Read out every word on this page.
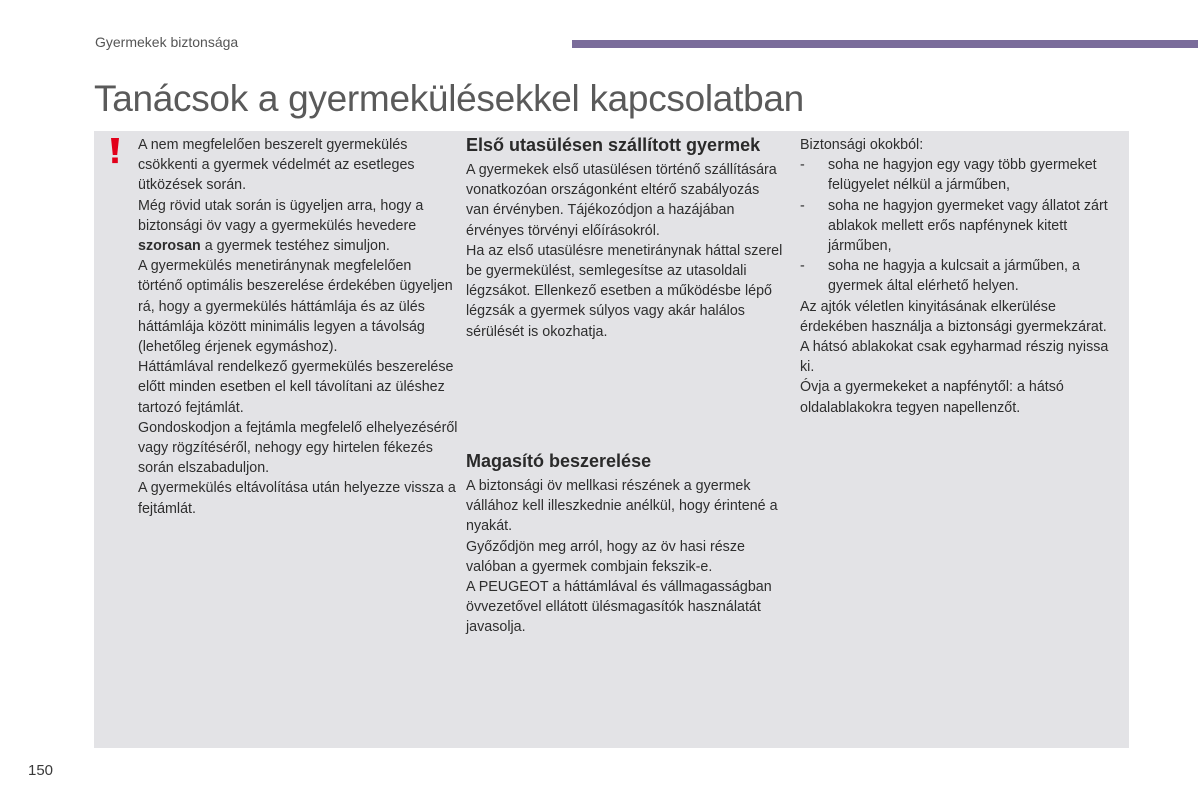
Gyermekek biztonsága
Tanácsok a gyermekülésekkel kapcsolatban

A nem megfelelően beszerelt gyermekülés csökkenti a gyermek védelmét az esetleges ütközések során.

Még rövid utak során is ügyeljen arra, hogy a biztonsági öv vagy a gyermekülés hevedere
szorosan a gyermek testéhez simuljon.

A gyermekülés menetiránynak megfelelően történő optimális beszerelése érdekében ügyeljen rá, hogy a gyermekülés háttámlája és az ülés háttámlája között minimális legyen a távolság (lehetőleg érjenek egymáshoz).

Háttámlával rendelkező gyermekülés beszerelése előtt minden esetben el kell távolítani az üléshez tartozó fejtámlát.

Gondoskodjon a fejtámla megfelelő elhelyezéséről vagy rögzítéséről, nehogy egy hirtelen fékezés során elszabaduljon.

A gyermekülés eltávolítása után helyezze vissza a fejtámlát.

Első utasülésen szállított gyermek

A gyermekek első utasülésen történő szállítására vonatkozóan országonként eltérő szabályozás van érvényben. Tájékozódjon a hazájában érvényes törvényi előírásokról.

Ha az első utasülésre menetiránynak háttal szerel be gyermekülést, semlegesítse az utasoldali légzsákot. Ellenkező esetben a működésbe lépő légzsák a gyermek súlyos vagy akár halálos sérülését is okozhatja.

Magasító beszerelése

A biztonsági öv mellkasi részének a gyermek vállához kell illeszkednie anélkül, hogy érintené a nyakát.

Győződjön meg arról, hogy az öv hasi része valóban a gyermek combjain fekszik-e.

A PEUGEOT a háttámlával és vállmagasságban övvezetővel ellátott ülésmagasítók használatát javasolja.

Biztonsági okokból:

- soha ne hagyjon egy vagy több gyermeket felügyelet nélkül a járműben,
- soha ne hagyjon gyermeket vagy állatot zárt ablakok mellett erős napfénynek kitett járműben,
- soha ne hagyja a kulcsait a járműben, a gyermek által elérhető helyen.

Az ajtók véletlen kinyitásának elkerülése érdekében használja a biztonsági gyermekzárat.

A hátsó ablakokat csak egyharmad részig nyissa ki.

Óvja a gyermekeket a napfénytől: a hátsó oldalablakokra tegyen napellenzőt.

150
